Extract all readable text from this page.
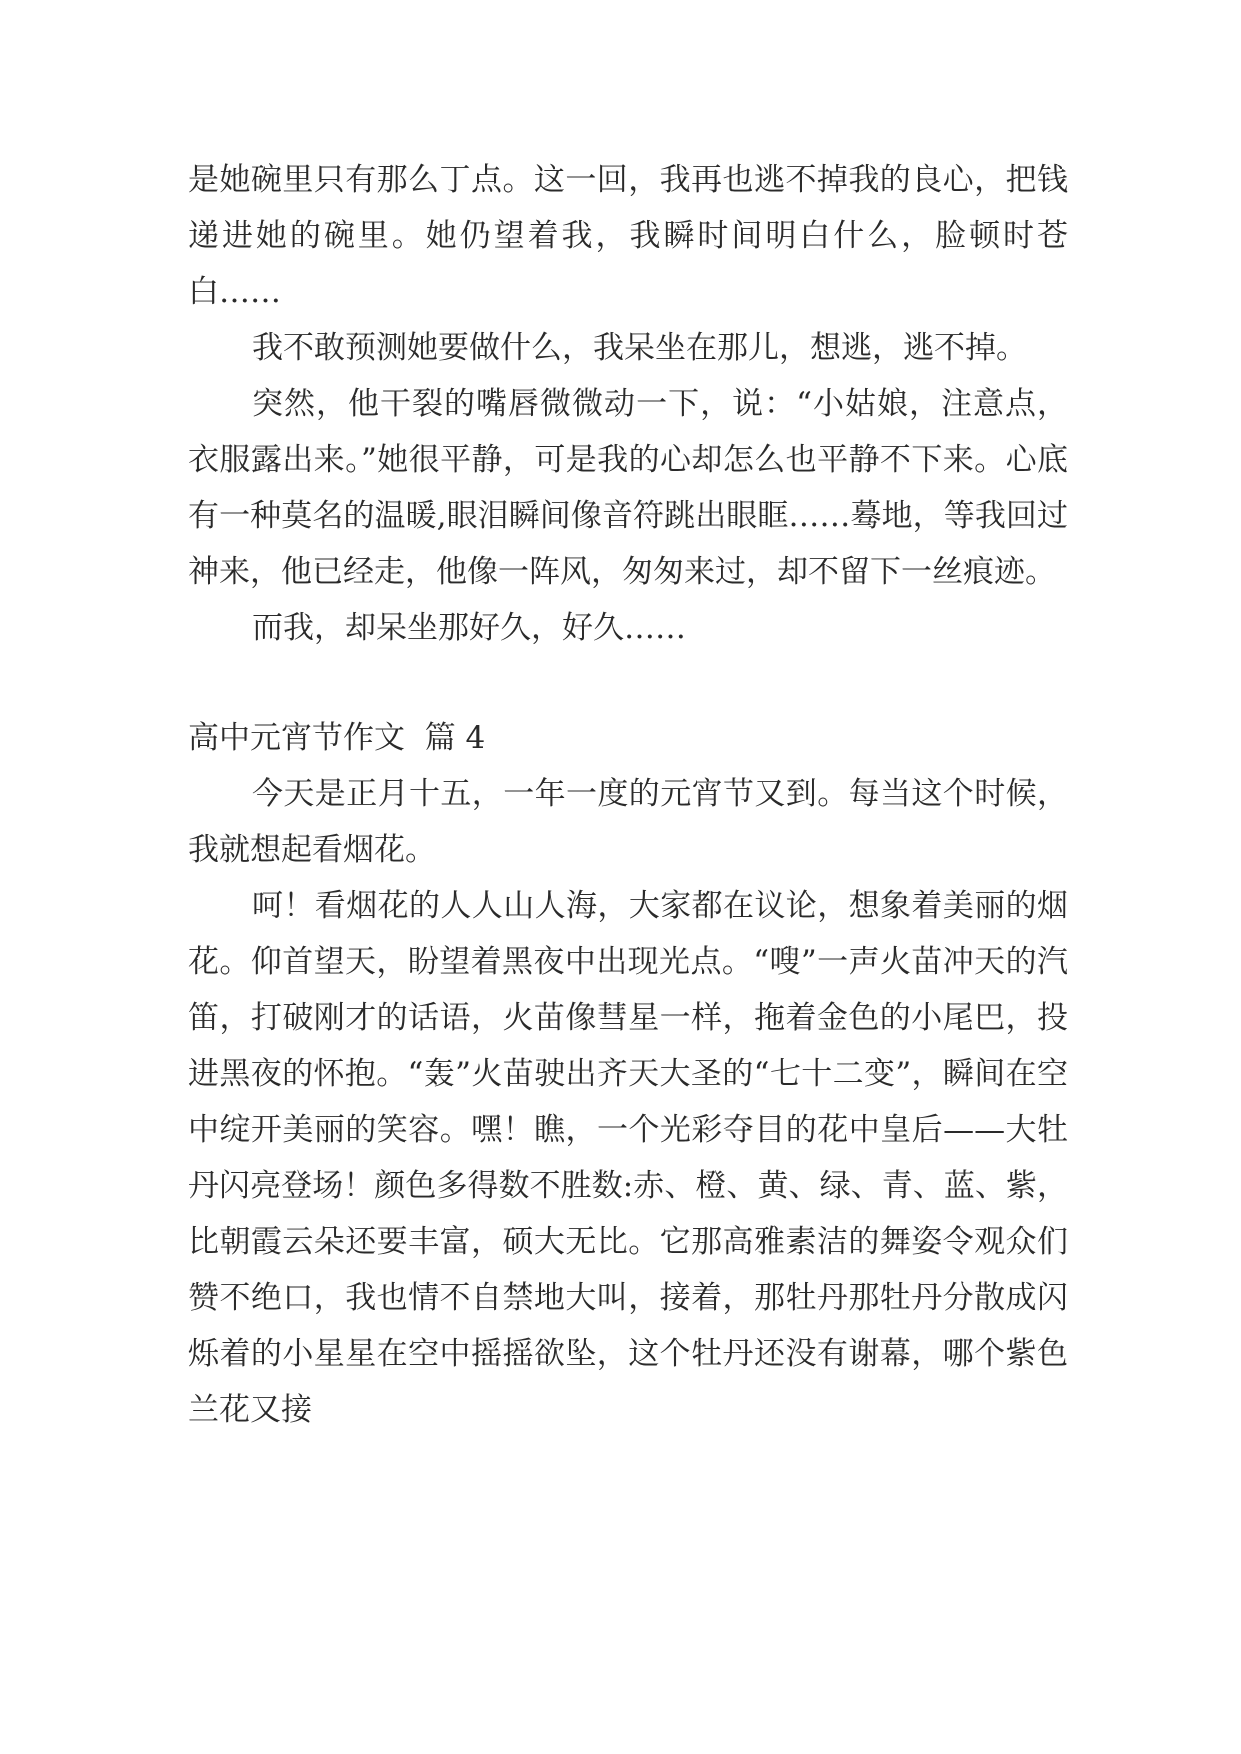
是她碗里只有那么丁点。这一回，我再也逃不掉我的良心，把钱递进她的碗里。她仍望着我，我瞬时间明白什么，脸顿时苍白……

我不敢预测她要做什么，我呆坐在那儿，想逃，逃不掉。

突然，他干裂的嘴唇微微动一下，说：“小姑娘，注意点，衣服露出来。”她很平静，可是我的心却怎么也平静不下来。心底有一种莫名的温暖,眼泪瞬间像音符跳出眼眶……蓦地，等我回过神来，他已经走，他像一阵风，匆匆来过，却不留下一丝痕迹。

而我，却呆坐那好久，好久……

高中元宵节作文  篇 4

今天是正月十五，一年一度的元宵节又到。每当这个时候，我就想起看烟花。

呵！看烟花的人人山人海，大家都在议论，想象着美丽的烟花。仰首望天，盼望着黑夜中出现光点。“嗖”一声火苗冲天的汽笛，打破刚才的话语，火苗像彗星一样，拖着金色的小尾巴，投进黑夜的怀抱。“轰”火苗驶出齐天大圣的“七十二变”，瞬间在空中绽开美丽的笑容。嘿！瞧，一个光彩夺目的花中皇后——大牡丹闪亮登场！颜色多得数不胜数:赤、橙、黄、绿、青、蓝、紫，比朝霞云朵还要丰富，硕大无比。它那高雅素洁的舞姿令观众们赞不绝口，我也情不自禁地大叫，接着，那牡丹那牡丹分散成闪烁着的小星星在空中摇摇欲坠，这个牡丹还没有谢幕，哪个紫色兰花又接
